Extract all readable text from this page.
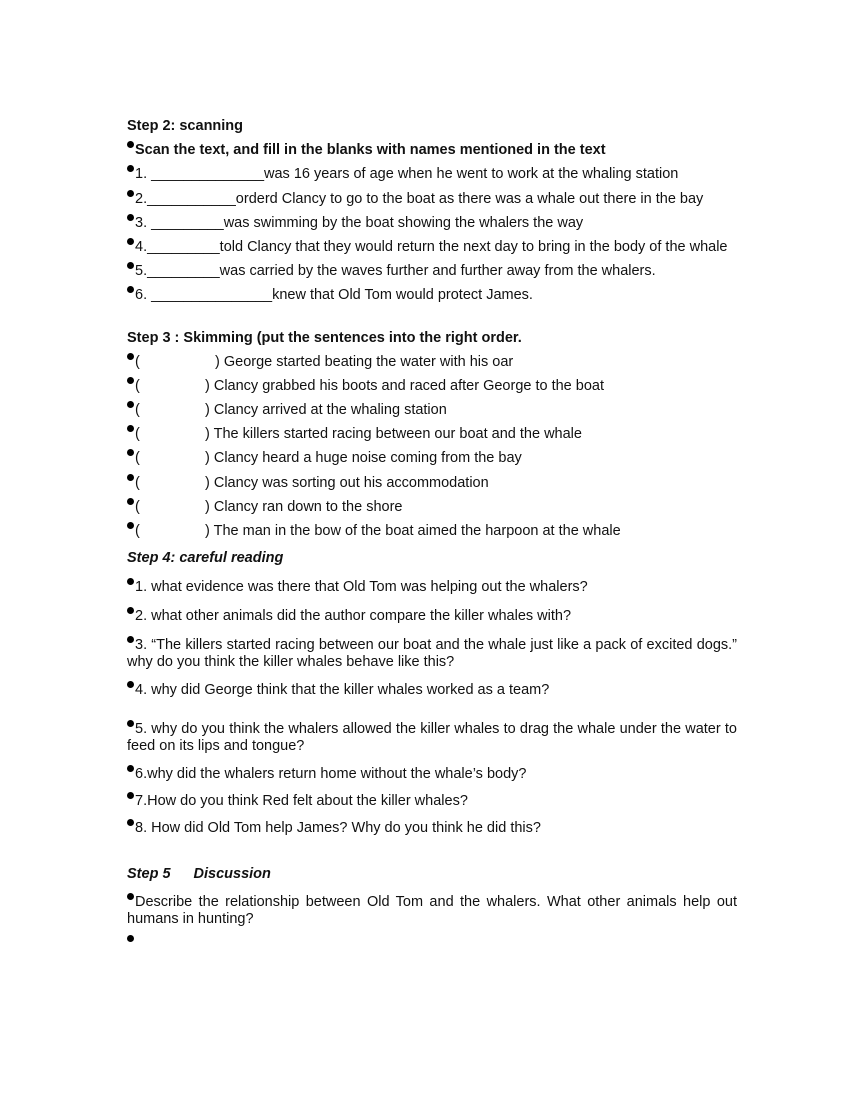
Step 2: scanning
Scan the text, and fill in the blanks with names mentioned in the text
1. ______________was 16 years of age when he went to work at the whaling station
2.___________orderd Clancy to go to the boat as there was a whale out there in the bay
3. _________was swimming by the boat showing the whalers the way
4._________told Clancy that they would return the next day to bring in the body of the whale
5._________was carried by the waves further and further away from the whalers.
6. _______________knew that Old Tom would protect James.
Step 3 : Skimming (put the sentences into the right order.
(	) George started beating the water with his oar
(	) Clancy grabbed his boots and raced after George to the boat
(	) Clancy arrived at the whaling station
(	) The killers started racing between our boat and the whale
(	) Clancy heard a huge noise coming from the bay
(	) Clancy was sorting out his accommodation
(	) Clancy ran down to the shore
(	) The man in the bow of the boat aimed the harpoon at the whale
Step 4: careful reading
1. what evidence was there that Old Tom was helping out the whalers?
2. what other animals did the author compare the killer whales with?
3. “The killers started racing between our boat and the whale just like a pack of excited dogs.” why do you think the killer whales behave like this?
4. why did George think that the killer whales worked as a team?
5. why do you think the whalers allowed the killer whales to drag the whale under the water to feed on its lips and tongue?
6.why did the whalers return home without the whale’s body?
7.How do you think Red felt about the killer whales?
8. How did Old Tom help James? Why do you think he did this?
Step 5 Discussion
Describe the relationship between Old Tom and the whalers. What other animals help out humans in hunting?
